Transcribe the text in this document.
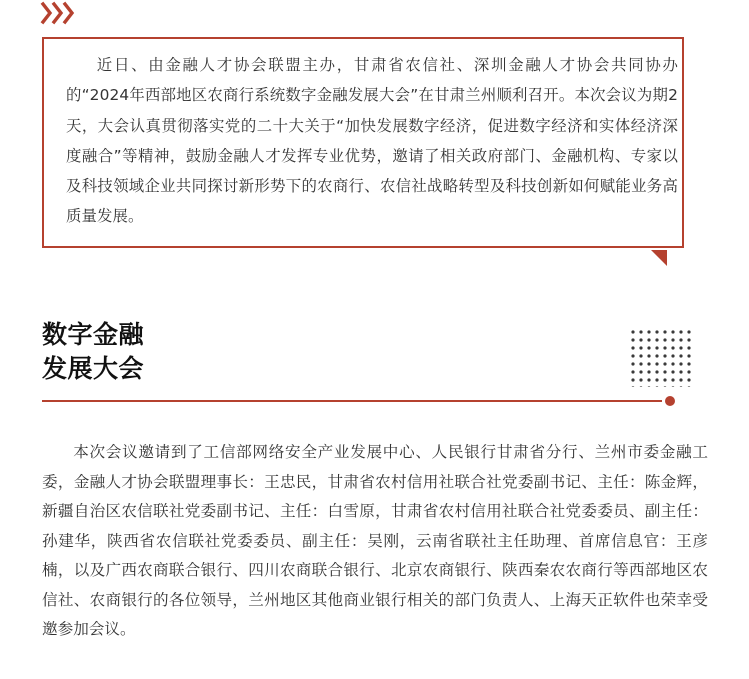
近日、由金融人才协会联盟主办，甘肃省农信社、深圳金融人才协会共同协办的“2024年西部地区农商行系统数字金融发展大会”在甘肃兰州顺利召开。本次会议为期2天，大会认真贯彻落实党的二十大关于“加快发展数字经济，促进数字经济和实体经济深度融合”等精神，鼓励金融人才发挥专业优势，邀请了相关政府部门、金融机构、专家以及科技领域企业共同探讨新形势下的农商行、农信社战略转型及科技创新如何赋能业务高质量发展。

数字金融
发展大会

本次会议邀请到了工信部网络安全产业发展中心、人民银行甘肃省分行、兰州市委金融工委，金融人才协会联盟理事长：王忠民，甘肃省农村信用社联合社党委副书记、主任：陈金辉，新疆自治区农信联社党委副书记、主任：白雪原，甘肃省农村信用社联合社党委委员、副主任：孙建华，陕西省农信联社党委委员、副主任：吴刚，云南省联社主任助理、首席信息官：王彦楠，以及广西农商联合银行、四川农商联合银行、北京农商银行、陕西秦农农商行等西部地区农信社、农商银行的各位领导，兰州地区其他商业银行相关的部门负责人、上海天正软件也荣幸受邀参加会议。
